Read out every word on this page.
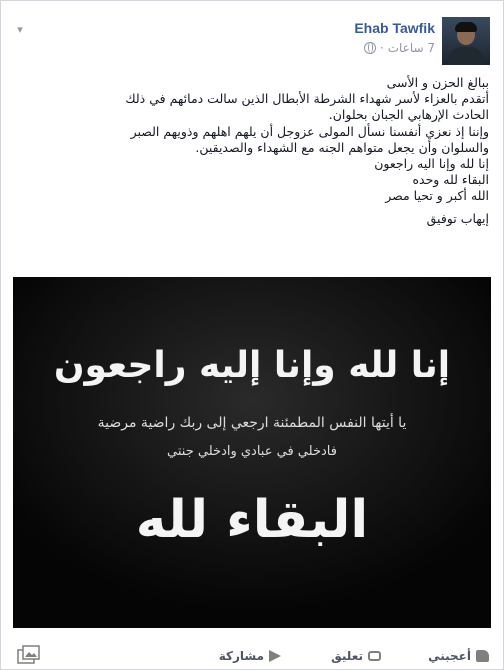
▾	Ehab Tawfik
7 ساعات
·
ببالغ الحزن و الأسى
أتقدم بالعزاء لأسر شهداء الشرطة الأبطال الذين سالت دمائهم في ذلك
الحادث الإرهابي الجبان بحلوان.
وإننا إذ نعزي أنفسنا نسأل المولى عزوجل أن يلهم اهلهم وذويهم الصبر
والسلوان وأن يجعل متواهم الجنه مع الشهداء والصديقين.
إنا لله وإنا اليه راجعون
البقاء لله وحده
الله أكبر و تحيا مصر
إيهاب توفيق
إنا لله وإنا إليه راجعون
يا أيتها النفس المطمئنة ارجعي إلى ربك راضية مرضية
فادخلي في عبادي وادخلي جنتي
البقاء لله
أعجبني
تعليق
مشاركة
